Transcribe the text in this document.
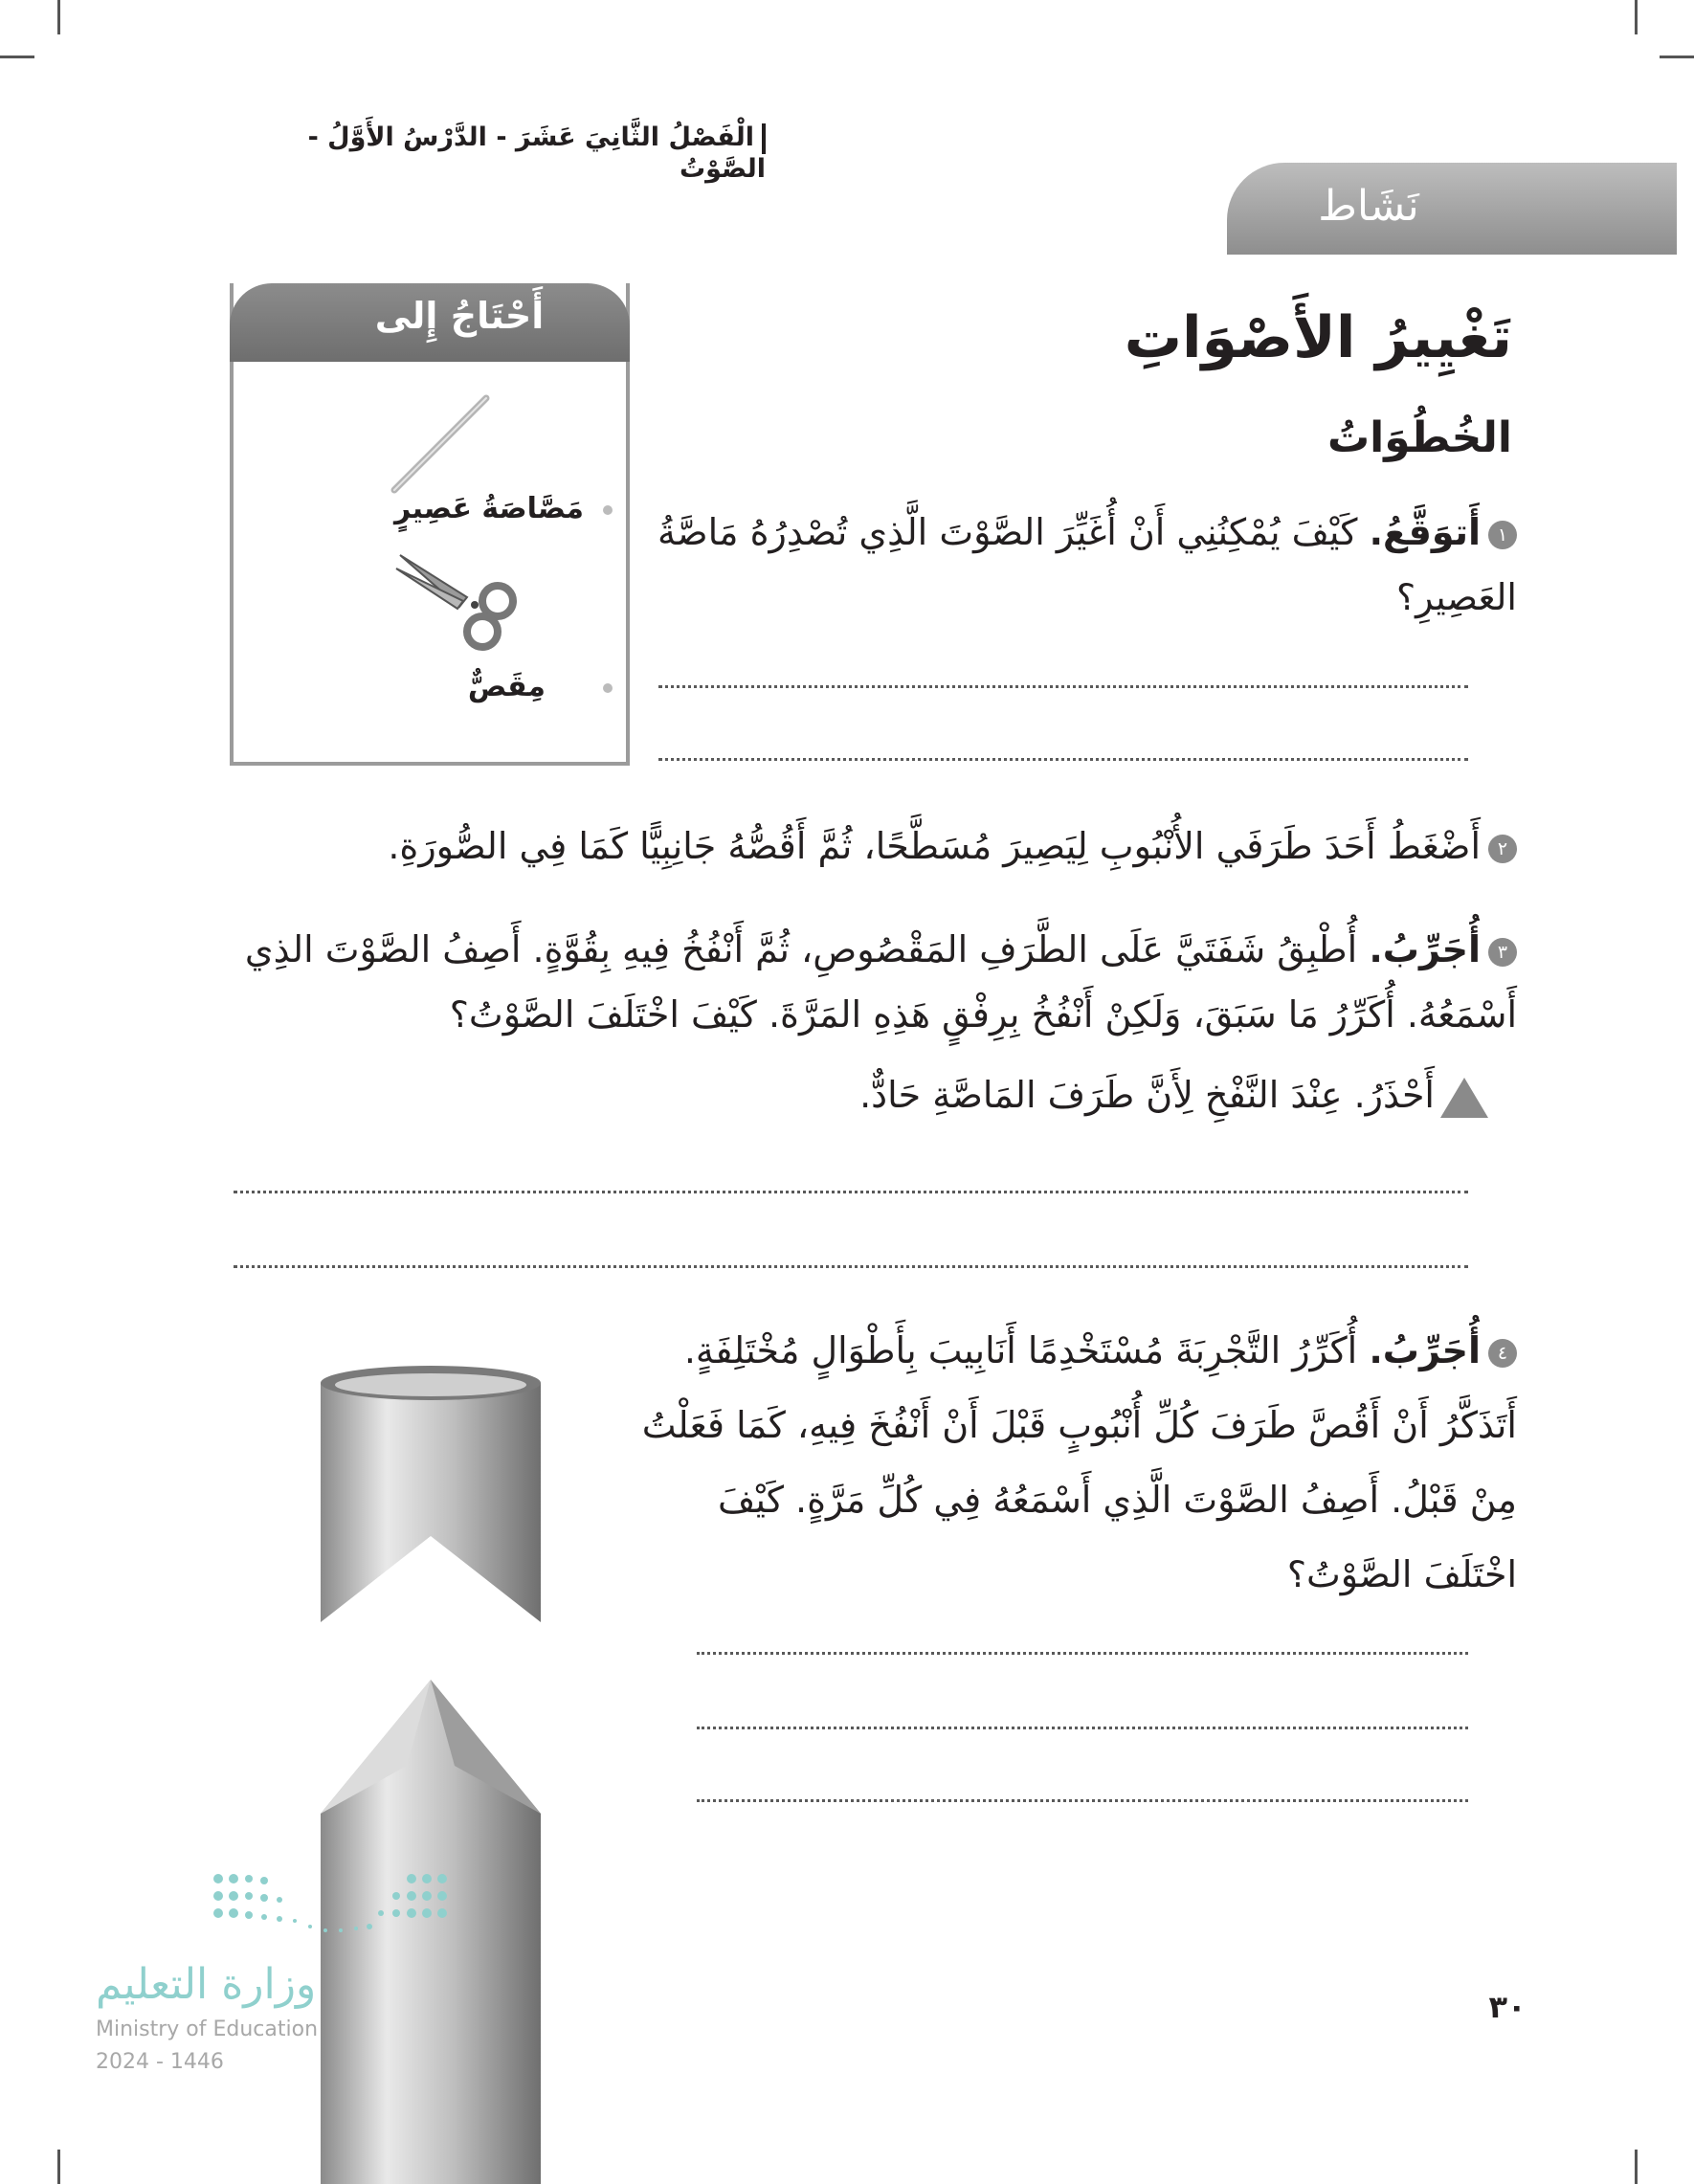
الْفَصْلُ الثَّانِيَ عَشَرَ - الدَّرْسُ الأَوَّلُ - الصَّوْتُ
نَشَاط
تَغْيِيرُ الأَصْوَاتِ
الخُطُوَاتُ
أَحْتَاجُ إِلى
مَصَّاصَةُ عَصِيرٍ
مِقَصٌّ
١أَتوَقَّعُ. كَيْفَ يُمْكِنُنِي أَنْ أُغَيِّرَ الصَّوْتَ الَّذِي تُصْدِرُهُ مَاصَّةُ العَصِيرِ؟
٢أَضْغَطُ أَحَدَ طَرَفَي الأُنْبُوبِ لِيَصِيرَ مُسَطَّحًا، ثُمَّ أَقُصُّهُ جَانِبِيًّا كَمَا فِي الصُّورَةِ.
٣أُجَرِّبُ. أُطْبِقُ شَفَتَيَّ عَلَى الطَّرَفِ المَقْصُوصِ، ثُمَّ أَنْفُخُ فِيهِ بِقُوَّةٍ. أَصِفُ الصَّوْتَ الذِي أَسْمَعُهُ. أُكَرِّرُ مَا سَبَقَ، وَلَكِنْ أَنْفُخُ بِرِفْقٍ هَذِهِ المَرَّةَ. كَيْفَ اخْتَلَفَ الصَّوْتُ؟
أَحْذَرُ. عِنْدَ النَّفْخِ لِأَنَّ طَرَفَ المَاصَّةِ حَادٌّ.
٤أُجَرِّبُ. أُكَرِّرُ التَّجْرِبَةَ مُسْتَخْدِمًا أَنَابِيبَ بِأَطْوَالٍ مُخْتَلِفَةٍ. أَتَذَكَّرُ أَنْ أَقُصَّ طَرَفَ كُلِّ أُنْبُوبٍ قَبْلَ أَنْ أَنْفُخَ فِيهِ، كَمَا فَعَلْتُ مِنْ قَبْلُ. أَصِفُ الصَّوْتَ الَّذِي أَسْمَعُهُ فِي كُلِّ مَرَّةٍ. كَيْفَ اخْتَلَفَ الصَّوْتُ؟
وزارة التعليم
Ministry of Education
2024 - 1446
٣٠
